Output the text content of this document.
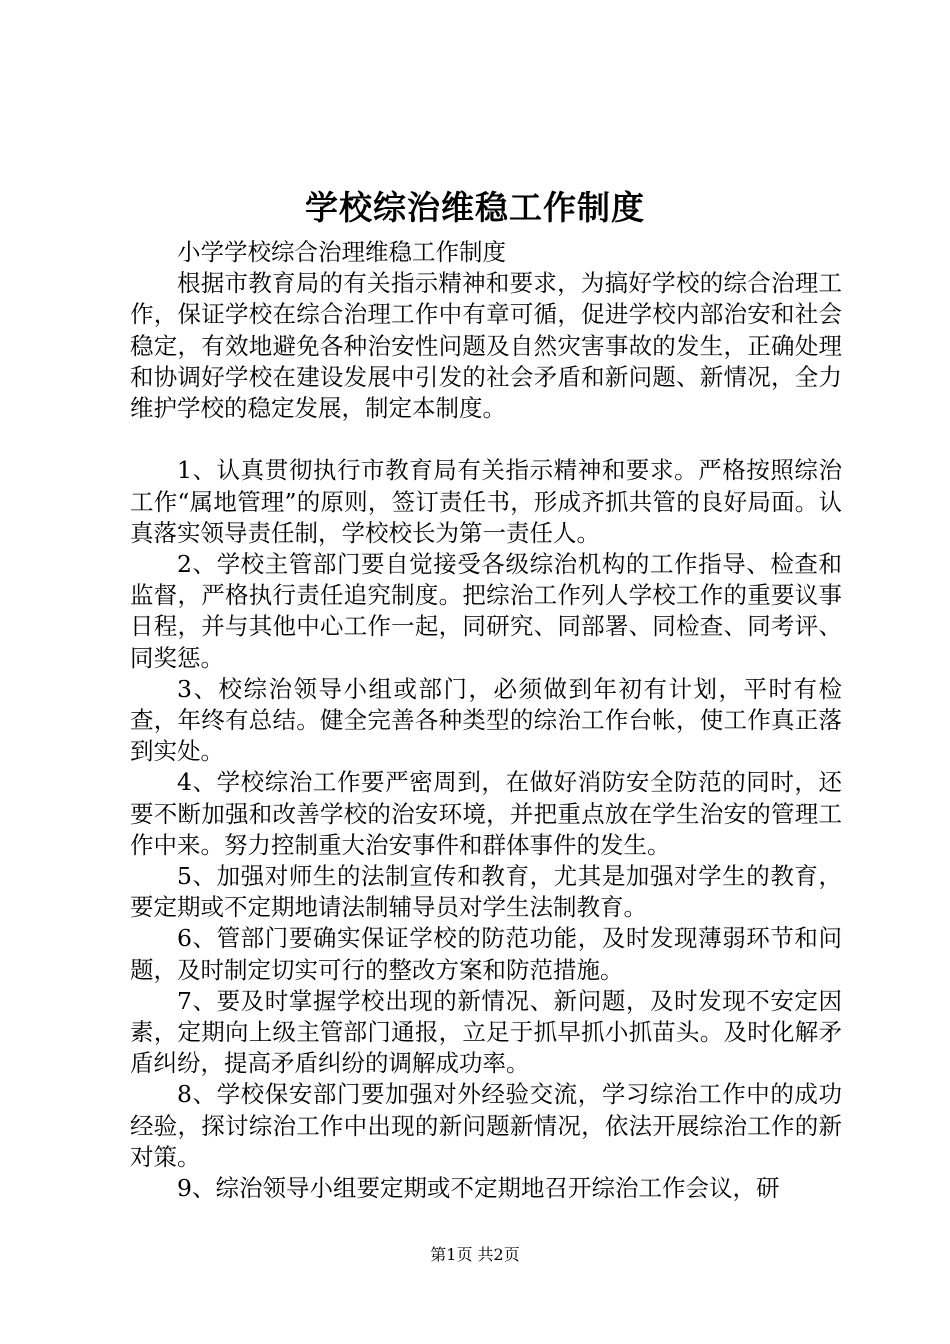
学校综治维稳工作制度

小学学校综合治理维稳工作制度

根据市教育局的有关指示精神和要求，为搞好学校的综合治理工作，保证学校在综合治理工作中有章可循，促进学校内部治安和社会稳定，有效地避免各种治安性问题及自然灾害事故的发生，正确处理和协调好学校在建设发展中引发的社会矛盾和新问题、新情况，全力维护学校的稳定发展，制定本制度。

1、认真贯彻执行市教育局有关指示精神和要求。严格按照综治工作“属地管理”的原则，签订责任书，形成齐抓共管的良好局面。认真落实领导责任制，学校校长为第一责任人。

2、学校主管部门要自觉接受各级综治机构的工作指导、检查和监督，严格执行责任追究制度。把综治工作列人学校工作的重要议事日程，并与其他中心工作一起，同研究、同部署、同检查、同考评、同奖惩。

3、校综治领导小组或部门，必须做到年初有计划，平时有检查，年终有总结。健全完善各种类型的综治工作台帐，使工作真正落到实处。

4、学校综治工作要严密周到，在做好消防安全防范的同时，还要不断加强和改善学校的治安环境，并把重点放在学生治安的管理工作中来。努力控制重大治安事件和群体事件的发生。

5、加强对师生的法制宣传和教育，尤其是加强对学生的教育，要定期或不定期地请法制辅导员对学生法制教育。

6、管部门要确实保证学校的防范功能，及时发现薄弱环节和问题，及时制定切实可行的整改方案和防范措施。

7、要及时掌握学校出现的新情况、新问题，及时发现不安定因素，定期向上级主管部门通报，立足于抓早抓小抓苗头。及时化解矛盾纠纷，提高矛盾纠纷的调解成功率。

8、学校保安部门要加强对外经验交流，学习综治工作中的成功经验，探讨综治工作中出现的新问题新情况，依法开展综治工作的新对策。

9、综治领导小组要定期或不定期地召开综治工作会议，研

第1页 共2页
